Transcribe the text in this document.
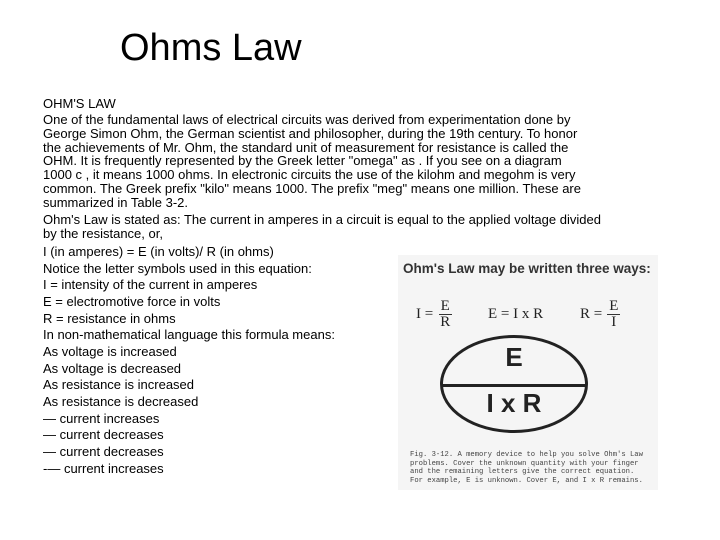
Ohms Law
OHM'S LAW
One of the fundamental laws of electrical circuits was derived from experimentation done by
George Simon Ohm, the German scientist and philosopher, during the 19th century. To honor
the achievements of Mr. Ohm, the standard unit of measurement for resistance is called the
OHM. It is frequently represented by the Greek letter "omega" as . If you see on a diagram
1000 c , it means 1000 ohms. In electronic circuits the use of the kilohm and megohm is very
common. The Greek prefix "kilo" means 1000. The prefix "meg" means one million. These are
summarized in Table 3-2.
Ohm's Law is stated as: The current in amperes in a circuit is equal to the applied voltage divided
by the resistance, or,
I (in amperes) = E (in volts)/ R (in ohms)
Notice the letter symbols used in this equation:
I = intensity of the current in amperes
E = electromotive force in volts
R = resistance in ohms
In non-mathematical language this formula means:
As voltage is increased
As voltage is decreased
As resistance is increased
As resistance is decreased
— current increases
— current decreases
— current decreases
-— current increases
Ohm's Law may be written three ways:
$I = \frac{E}{R}$ E = I x R $R = \frac{E}{I}$
E
I x R
Fig. 3-12. A memory device to help you solve Ohm's Law problems. Cover the unknown quantity with your finger and the remaining letters give the correct equation. For example, E is unknown. Cover E, and I x R remains.
